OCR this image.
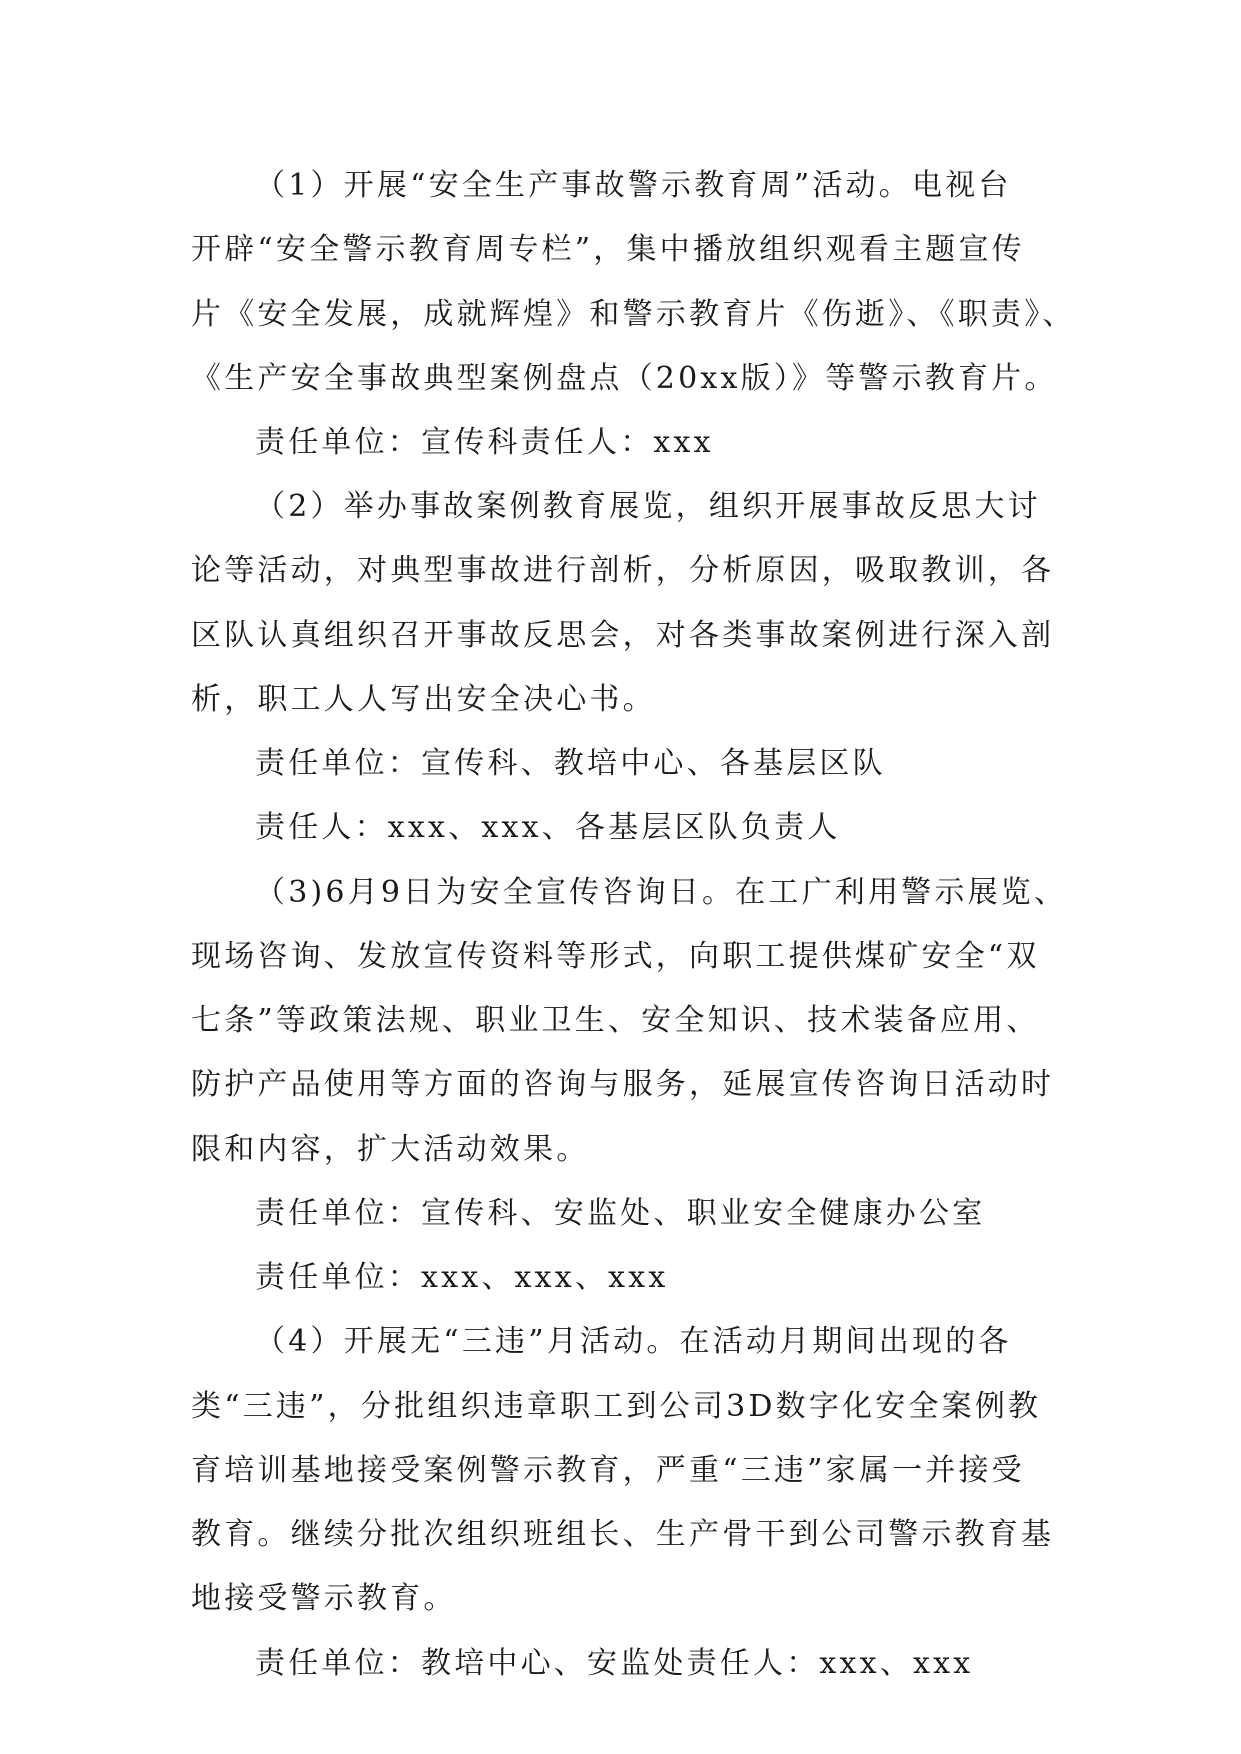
（1）开展“安全生产事故警示教育周”活动。电视台

开辟“安全警示教育周专栏”，集中播放组织观看主题宣传

片《安全发展，成就辉煌》和警示教育片《伤逝》、《职责》、

《生产安全事故典型案例盘点（20xx版）》等警示教育片。

责任单位：宣传科责任人：xxx

（2）举办事故案例教育展览，组织开展事故反思大讨

论等活动，对典型事故进行剖析，分析原因，吸取教训，各

区队认真组织召开事故反思会，对各类事故案例进行深入剖

析，职工人人写出安全决心书。

责任单位：宣传科、教培中心、各基层区队

责任人：xxx、xxx、各基层区队负责人

（3)6月9日为安全宣传咨询日。在工广利用警示展览、

现场咨询、发放宣传资料等形式，向职工提供煤矿安全“双

七条”等政策法规、职业卫生、安全知识、技术装备应用、

防护产品使用等方面的咨询与服务，延展宣传咨询日活动时

限和内容，扩大活动效果。

责任单位：宣传科、安监处、职业安全健康办公室

责任单位：xxx、xxx、xxx

（4）开展无“三违”月活动。在活动月期间出现的各

类“三违”，分批组织违章职工到公司3D数字化安全案例教

育培训基地接受案例警示教育，严重“三违”家属一并接受

教育。继续分批次组织班组长、生产骨干到公司警示教育基

地接受警示教育。

责任单位：教培中心、安监处责任人：xxx、xxx
